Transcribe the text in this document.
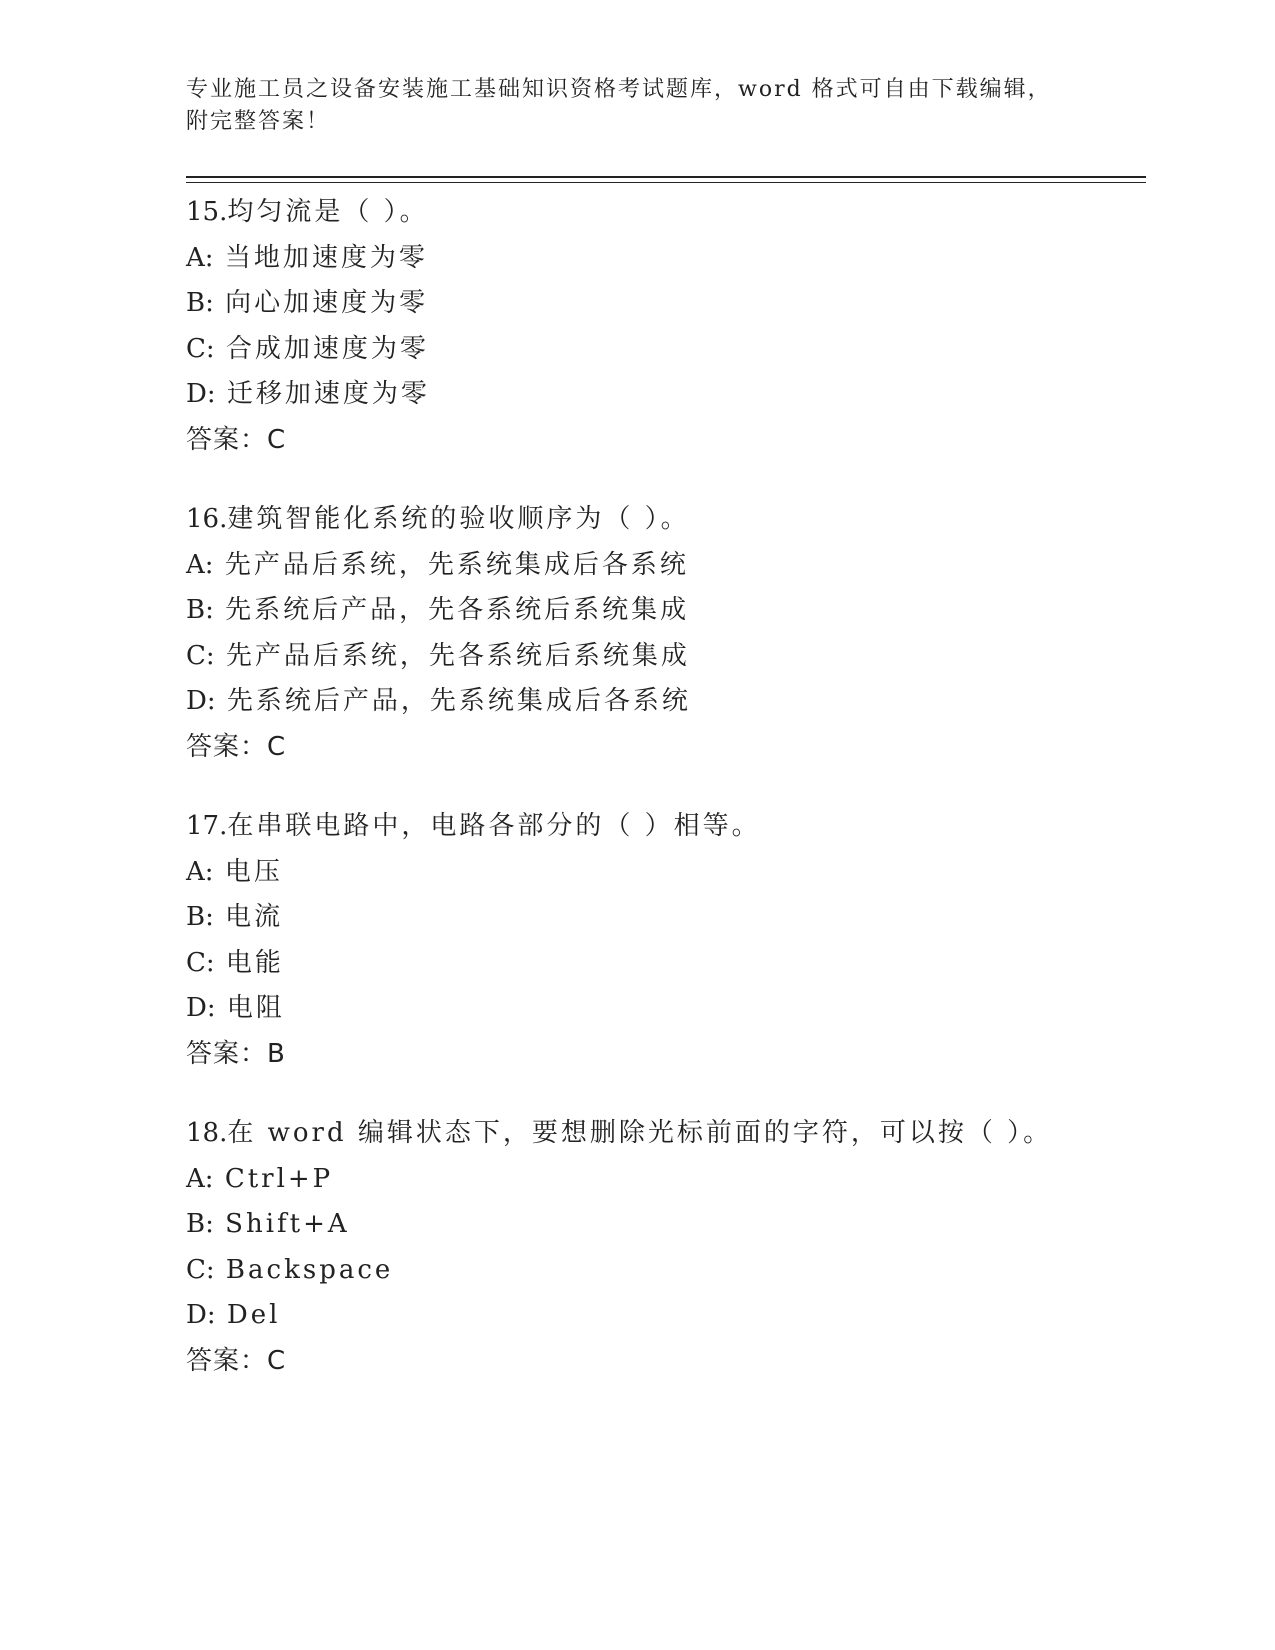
专业施工员之设备安装施工基础知识资格考试题库，word 格式可自由下载编辑，
附完整答案！
15.均匀流是（ ）。
A: 当地加速度为零
B: 向心加速度为零
C: 合成加速度为零
D: 迁移加速度为零
答案：C
16.建筑智能化系统的验收顺序为（ ）。
A: 先产品后系统，先系统集成后各系统
B: 先系统后产品，先各系统后系统集成
C: 先产品后系统，先各系统后系统集成
D: 先系统后产品，先系统集成后各系统
答案：C
17.在串联电路中，电路各部分的（ ）相等。
A: 电压
B: 电流
C: 电能
D: 电阻
答案：B
18.在 word 编辑状态下，要想删除光标前面的字符，可以按（ ）。
A: Ctrl+P
B: Shift+A
C: Backspace
D: Del
答案：C
